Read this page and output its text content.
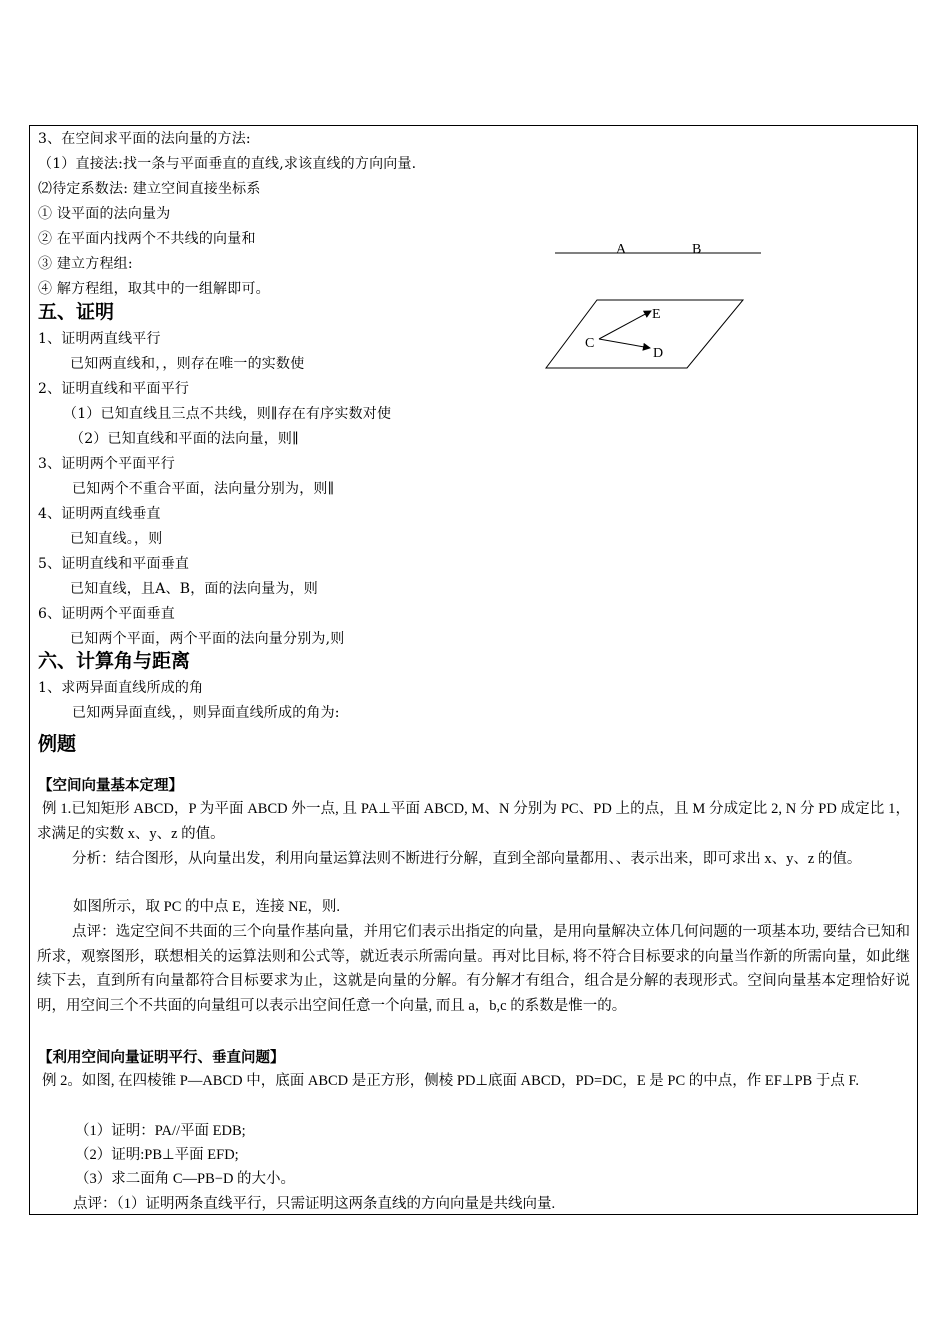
3、在空间求平面的法向量的方法:
（1）直接法:找一条与平面垂直的直线,求该直线的方向向量.
⑵待定系数法: 建立空间直接坐标系
① 设平面的法向量为
② 在平面内找两个不共线的向量和
③ 建立方程组:
④ 解方程组，取其中的一组解即可。
A	B
C
E
D
五、证明
1、证明两直线平行
已知两直线和，，则存在唯一的实数使
2、证明直线和平面平行
（1）已知直线且三点不共线，则∥存在有序实数对使
（2）已知直线和平面的法向量，则∥
3、证明两个平面平行
已知两个不重合平面，法向量分别为，则∥
4、证明两直线垂直
已知直线。，则
5、证明直线和平面垂直
已知直线，且A、B，面的法向量为，则
6、证明两个平面垂直
已知两个平面，两个平面的法向量分别为,则
六、计算角与距离
1、求两异面直线所成的角
已知两异面直线，，则异面直线所成的角为:
例题
【空间向量基本定理】
例 1.已知矩形 ABCD，P 为平面 ABCD 外一点, 且 PA⊥平面 ABCD, M、N 分别为 PC、PD 上的点，且 M 分成定比 2, N 分 PD 成定比 1，求满足的实数 x、y、z 的值。
分析：结合图形，从向量出发，利用向量运算法则不断进行分解，直到全部向量都用、、表示出来，即可求出 x、y、z 的值。
如图所示，取 PC 的中点 E，连接 NE，则.
点评：选定空间不共面的三个向量作基向量，并用它们表示出指定的向量，是用向量解决立体几何问题的一项基本功, 要结合已知和所求，观察图形，联想相关的运算法则和公式等，就近表示所需向量。再对比目标, 将不符合目标要求的向量当作新的所需向量，如此继续下去，直到所有向量都符合目标要求为止，这就是向量的分解。有分解才有组合，组合是分解的表现形式。空间向量基本定理恰好说明，用空间三个不共面的向量组可以表示出空间任意一个向量, 而且 a，b,c 的系数是惟一的。
【利用空间向量证明平行、垂直问题】
例 2。如图, 在四棱锥 P—ABCD 中，底面 ABCD 是正方形，侧棱 PD⊥底面 ABCD，PD=DC，E 是 PC 的中点，作 EF⊥PB 于点 F.
（1）证明：PA//平面 EDB;
（2）证明:PB⊥平面 EFD;
（3）求二面角 C—PB−D 的大小。
点评：（1）证明两条直线平行，只需证明这两条直线的方向向量是共线向量.
